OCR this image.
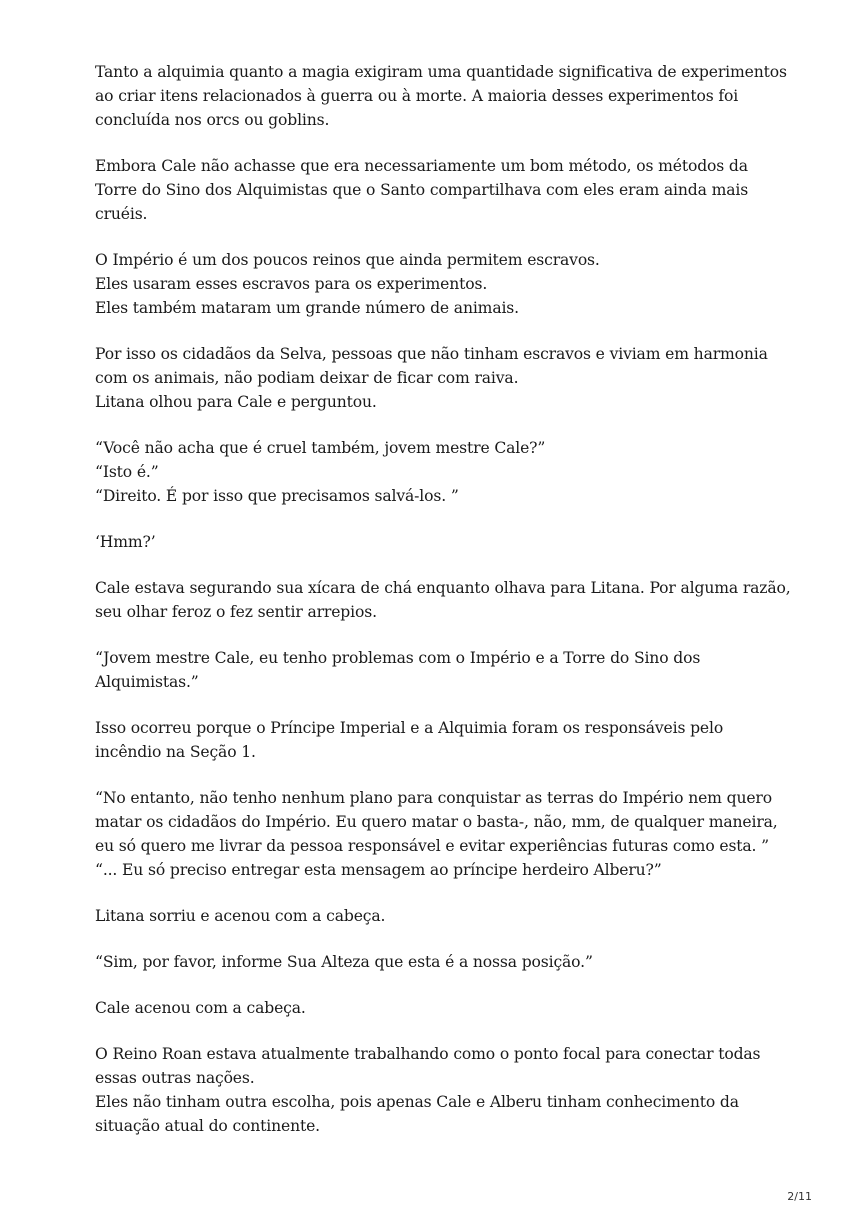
Tanto a alquimia quanto a magia exigiram uma quantidade significativa de experimentos
ao criar itens relacionados à guerra ou à morte. A maioria desses experimentos foi
concluída nos orcs ou goblins.

Embora Cale não achasse que era necessariamente um bom método, os métodos da
Torre do Sino dos Alquimistas que o Santo compartilhava com eles eram ainda mais
cruéis.

O Império é um dos poucos reinos que ainda permitem escravos.
Eles usaram esses escravos para os experimentos.
Eles também mataram um grande número de animais.

Por isso os cidadãos da Selva, pessoas que não tinham escravos e viviam em harmonia
com os animais, não podiam deixar de ficar com raiva.
Litana olhou para Cale e perguntou.

“Você não acha que é cruel também, jovem mestre Cale?”
“Isto é.”
“Direito. É por isso que precisamos salvá-los. ”

‘Hmm?’

Cale estava segurando sua xícara de chá enquanto olhava para Litana. Por alguma razão,
seu olhar feroz o fez sentir arrepios.

“Jovem mestre Cale, eu tenho problemas com o Império e a Torre do Sino dos
Alquimistas.”

Isso ocorreu porque o Príncipe Imperial e a Alquimia foram os responsáveis pelo
incêndio na Seção 1.

“No entanto, não tenho nenhum plano para conquistar as terras do Império nem quero
matar os cidadãos do Império. Eu quero matar o basta-, não, mm, de qualquer maneira,
eu só quero me livrar da pessoa responsável e evitar experiências futuras como esta. ”
“... Eu só preciso entregar esta mensagem ao príncipe herdeiro Alberu?”

Litana sorriu e acenou com a cabeça.

“Sim, por favor, informe Sua Alteza que esta é a nossa posição.”

Cale acenou com a cabeça.

O Reino Roan estava atualmente trabalhando como o ponto focal para conectar todas
essas outras nações.
Eles não tinham outra escolha, pois apenas Cale e Alberu tinham conhecimento da
situação atual do continente.

2/11
